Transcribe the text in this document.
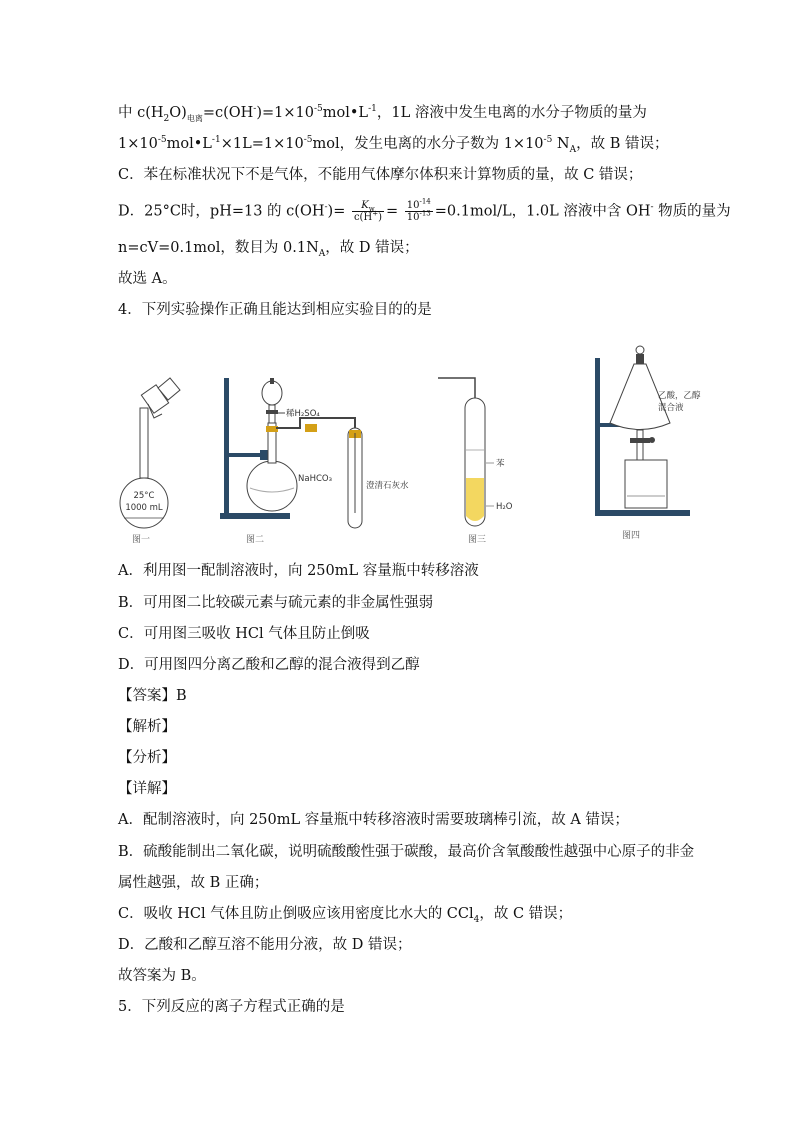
中 $c(H_2O)_{电离}=c(OH^-)=1\times 10^{-5}mol•L^{-1}$，1L 溶液中发生电离的水分子物质的量为
$1\times 10^{-5}mol•L^{-1}\times 1L=1\times 10^{-5}mol$，发生电离的水分子数为 $1\times 10^{-5}$ $N_A$，故 B 错误；
C．苯在标准状况下不是气体，不能用气体摩尔体积来计算物质的量，故 C 错误；
D．25°C时，pH=13 的 $c(OH^-)= \frac{K_w}{c(H^+)} = \frac{10^{-14}}{10^{-13}} =0.1mol/L$，1.0L 溶液中含 OH- 物质的量为
n=cV=0.1mol，数目为 $0.1N_A$，故 D 错误；
故选 A。
4．下列实验操作正确且能达到相应实验目的的是
25°C
1000 mL
稀H₂SO₄
NaHCO₃
澄清石灰水
苯
H₂O
乙酸，乙醇
混合液
图一	图二	图三	图四
A．利用图一配制溶液时，向 250mL 容量瓶中转移溶液
B．可用图二比较碳元素与硫元素的非金属性强弱
C．可用图三吸收 HCl 气体且防止倒吸
D．可用图四分离乙酸和乙醇的混合液得到乙醇
【答案】B
【解析】
【分析】
【详解】
A．配制溶液时，向 250mL 容量瓶中转移溶液时需要玻璃棒引流，故 A 错误；
B．硫酸能制出二氧化碳，说明硫酸酸性强于碳酸，最高价含氧酸酸性越强中心原子的非金
属性越强，故 B 正确；
C．吸收 HCl 气体且防止倒吸应该用密度比水大的 CCl$_4$，故 C 错误；
D．乙酸和乙醇互溶不能用分液，故 D 错误；
故答案为 B。
5．下列反应的离子方程式正确的是
